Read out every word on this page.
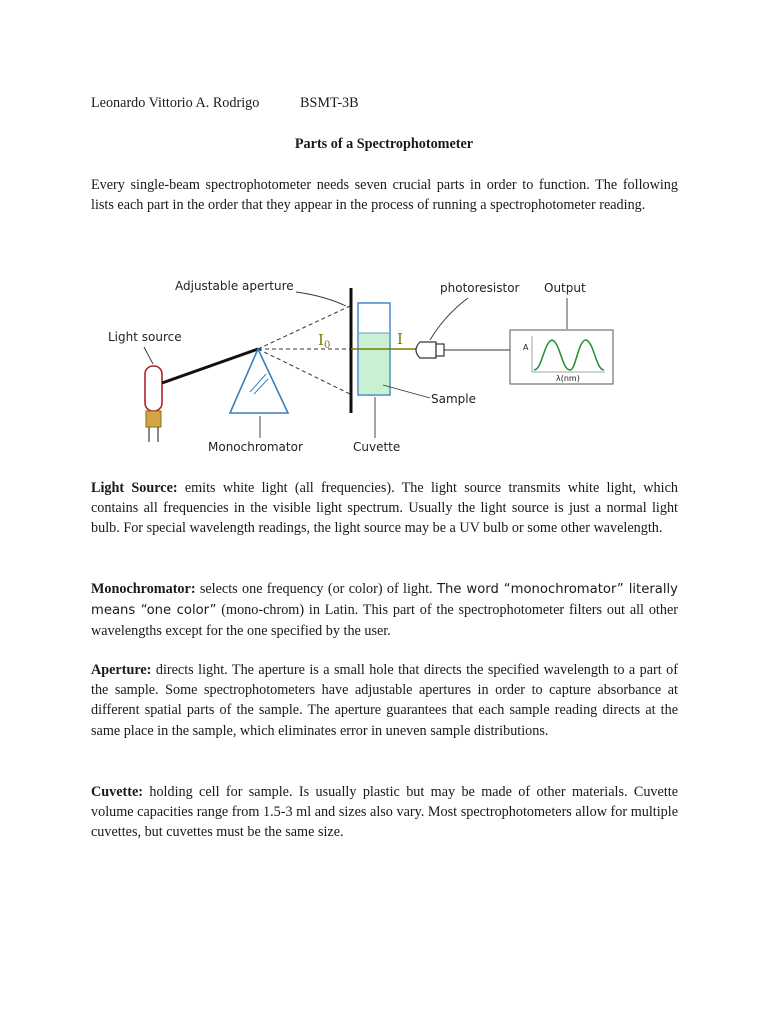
Leonardo Vittorio A. Rodrigo	BSMT-3B
Parts of a Spectrophotometer

Every single-beam spectrophotometer needs seven crucial parts in order to function. The following lists each part in the order that they appear in the process of running a spectrophotometer reading.

A
λ(nm)
Adjustable aperture
Light source	$I_0$	I
photoresistor Output
Sample
Monochromator	Cuvette

Light Source: emits white light (all frequencies). The light source transmits white light, which contains all frequencies in the visible light spectrum. Usually the light source is just a normal light bulb. For special wavelength readings, the light source may be a UV bulb or some other wavelength.

Monochromator: selects one frequency (or color) of light. The word “monochromator” literally means “one color” (mono-chrom) in Latin. This part of the spectrophotometer filters out all other wavelengths except for the one specified by the user.

Aperture: directs light. The aperture is a small hole that directs the specified wavelength to a part of the sample. Some spectrophotometers have adjustable apertures in order to capture absorbance at different spatial parts of the sample. The aperture guarantees that each sample reading directs at the same place in the sample, which eliminates error in uneven sample distributions.

Cuvette: holding cell for sample. Is usually plastic but may be made of other materials. Cuvette volume capacities range from 1.5-3 ml and sizes also vary. Most spectrophotometers allow for multiple cuvettes, but cuvettes must be the same size.
